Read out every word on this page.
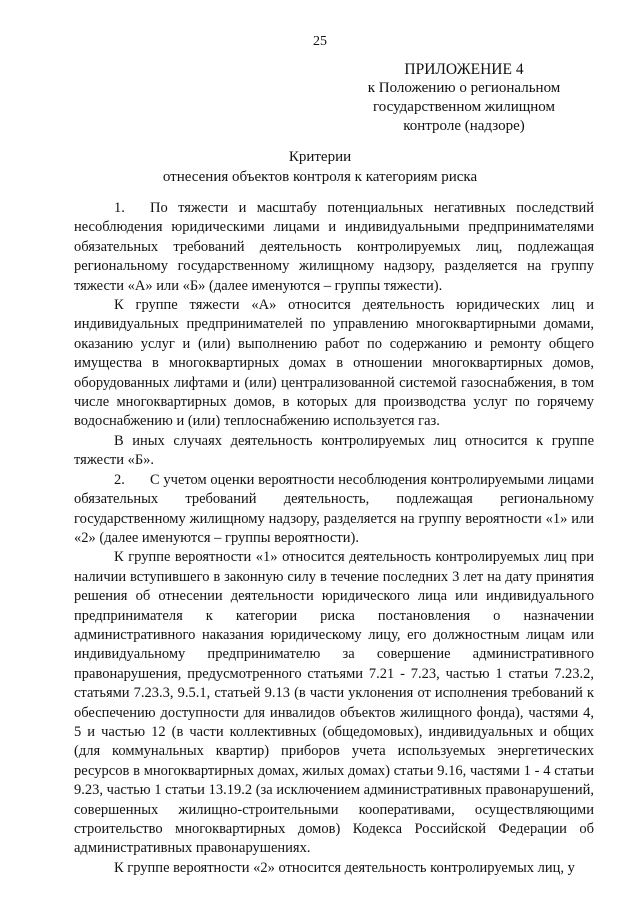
25
ПРИЛОЖЕНИЕ 4
к Положению о региональном
государственном жилищном
контроле (надзоре)
Критерии
отнесения объектов контроля к категориям риска

1. По тяжести и масштабу потенциальных негативных последствий несоблюдения юридическими лицами и индивидуальными предпринимателями обязательных требований деятельность контролируемых лиц, подлежащая региональному государственному жилищному надзору, разделяется на группу тяжести «А» или «Б» (далее именуются – группы тяжести).

К группе тяжести «А» относится деятельность юридических лиц и индивидуальных предпринимателей по управлению многоквартирными домами, оказанию услуг и (или) выполнению работ по содержанию и ремонту общего имущества в многоквартирных домах в отношении многоквартирных домов, оборудованных лифтами и (или) централизованной системой газоснабжения, в том числе многоквартирных домов, в которых для производства услуг по горячему водоснабжению и (или) теплоснабжению используется газ.

В иных случаях деятельность контролируемых лиц относится к группе тяжести «Б».

2. С учетом оценки вероятности несоблюдения контролируемыми лицами обязательных требований деятельность, подлежащая региональному государственному жилищному надзору, разделяется на группу вероятности «1» или «2» (далее именуются – группы вероятности).

К группе вероятности «1» относится деятельность контролируемых лиц при наличии вступившего в законную силу в течение последних 3 лет на дату принятия решения об отнесении деятельности юридического лица или индивидуального предпринимателя к категории риска постановления о назначении административного наказания юридическому лицу, его должностным лицам или индивидуальному предпринимателю за совершение административного правонарушения, предусмотренного статьями 7.21 - 7.23, частью 1 статьи 7.23.2, статьями 7.23.3, 9.5.1, статьей 9.13 (в части уклонения от исполнения требований к обеспечению доступности для инвалидов объектов жилищного фонда), частями 4, 5 и частью 12 (в части коллективных (общедомовых), индивидуальных и общих (для коммунальных квартир) приборов учета используемых энергетических ресурсов в многоквартирных домах, жилых домах) статьи 9.16, частями 1 - 4 статьи 9.23, частью 1 статьи 13.19.2 (за исключением административных правонарушений, совершенных жилищно-строительными кооперативами, осуществляющими строительство многоквартирных домов) Кодекса Российской Федерации об административных правонарушениях.

К группе вероятности «2» относится деятельность контролируемых лиц, у
